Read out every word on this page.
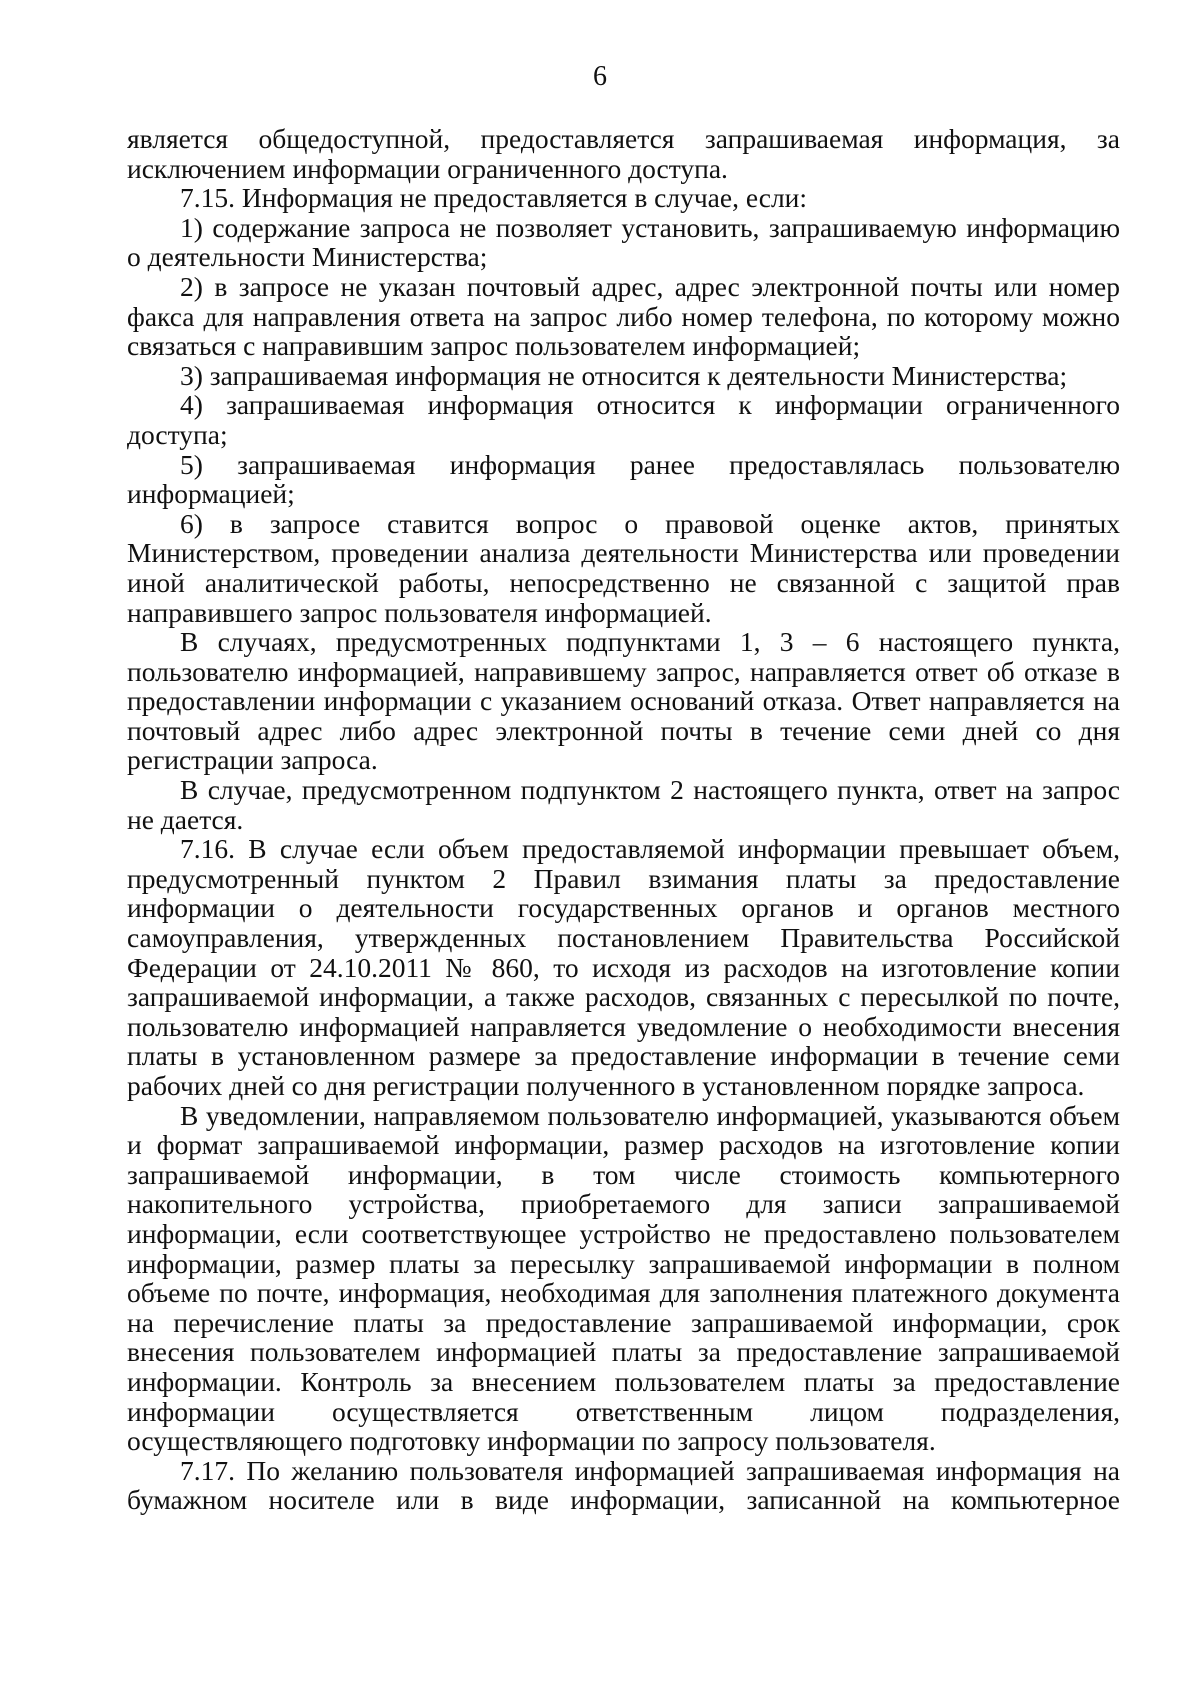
6

является общедоступной, предоставляется запрашиваемая информация, за исключением информации ограниченного доступа.

7.15. Информация не предоставляется в случае, если:

1) содержание запроса не позволяет установить, запрашиваемую информацию о деятельности Министерства;

2) в запросе не указан почтовый адрес, адрес электронной почты или номер факса для направления ответа на запрос либо номер телефона, по которому можно связаться с направившим запрос пользователем информацией;

3) запрашиваемая информация не относится к деятельности Министерства;

4) запрашиваемая информация относится к информации ограниченного доступа;

5) запрашиваемая информация ранее предоставлялась пользователю информацией;

6) в запросе ставится вопрос о правовой оценке актов, принятых Министерством, проведении анализа деятельности Министерства или проведении иной аналитической работы, непосредственно не связанной с защитой прав направившего запрос пользователя информацией.

В случаях, предусмотренных подпунктами 1, 3 – 6 настоящего пункта, пользователю информацией, направившему запрос, направляется ответ об отказе в предоставлении информации с указанием оснований отказа. Ответ направляется на почтовый адрес либо адрес электронной почты в течение семи дней со дня регистрации запроса.

В случае, предусмотренном подпунктом 2 настоящего пункта, ответ на запрос не дается.

7.16. В случае если объем предоставляемой информации превышает объем, предусмотренный пунктом 2 Правил взимания платы за предоставление информации о деятельности государственных органов и органов местного самоуправления, утвержденных постановлением Правительства Российской Федерации от 24.10.2011 № 860, то исходя из расходов на изготовление копии запрашиваемой информации, а также расходов, связанных с пересылкой по почте, пользователю информацией направляется уведомление о необходимости внесения платы в установленном размере за предоставление информации в течение семи рабочих дней со дня регистрации полученного в установленном порядке запроса.

В уведомлении, направляемом пользователю информацией, указываются объем и формат запрашиваемой информации, размер расходов на изготовление копии запрашиваемой информации, в том числе стоимость компьютерного накопительного устройства, приобретаемого для записи запрашиваемой информации, если соответствующее устройство не предоставлено пользователем информации, размер платы за пересылку запрашиваемой информации в полном объеме по почте, информация, необходимая для заполнения платежного документа на перечисление платы за предоставление запрашиваемой информации, срок внесения пользователем информацией платы за предоставление запрашиваемой информации. Контроль за внесением пользователем платы за предоставление информации осуществляется ответственным лицом подразделения, осуществляющего подготовку информации по запросу пользователя.

7.17. По желанию пользователя информацией запрашиваемая информация на бумажном носителе или в виде информации, записанной на компьютерное
